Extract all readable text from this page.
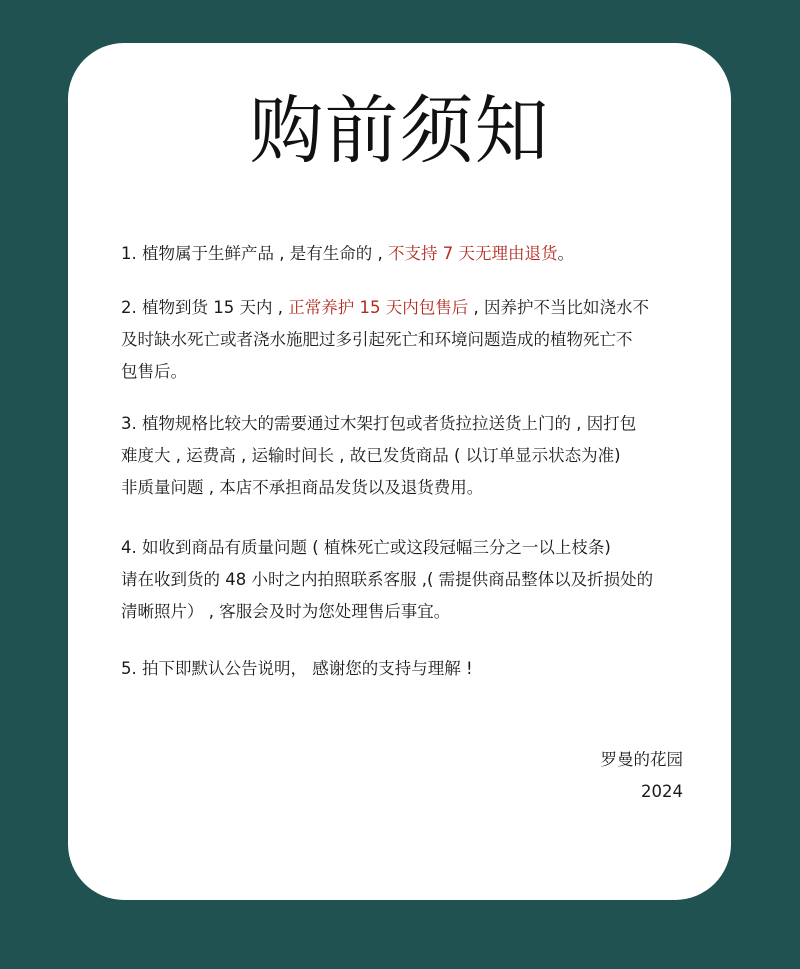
购前须知

1. 植物属于生鲜产品 , 是有生命的 , 不支持 7 天无理由退货。

2. 植物到货 15 天内 , 正常养护 15 天内包售后 , 因养护不当比如浇水不
及时缺水死亡或者浇水施肥过多引起死亡和环境问题造成的植物死亡不
包售后。

3. 植物规格比较大的需要通过木架打包或者货拉拉送货上门的 , 因打包
难度大 , 运费高 , 运输时间长 , 故已发货商品 ( 以订单显示状态为准)
非质量问题 , 本店不承担商品发货以及退货费用。

4. 如收到商品有质量问题 ( 植株死亡或这段冠幅三分之一以上枝条)
请在收到货的 48 小时之内拍照联系客服 ,( 需提供商品整体以及折损处的
清晰照片） , 客服会及时为您处理售后事宜。

5. 拍下即默认公告说明， 感谢您的支持与理解 !

罗曼的花园
2024
